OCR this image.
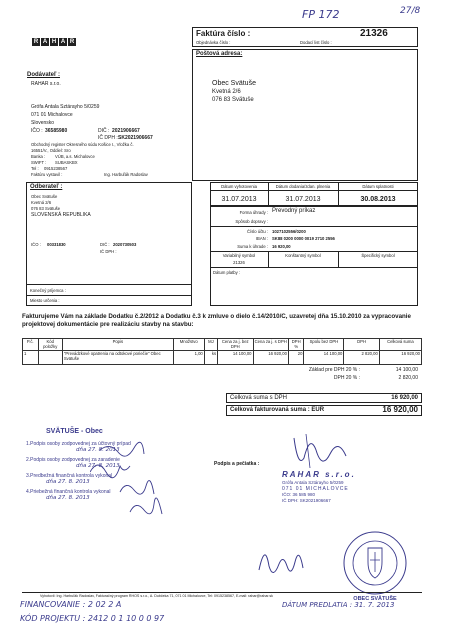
FP 172	27/8
R A H A R
Faktúra číslo :	21326
Objednávka číslo :	Dodací list číslo :
Poštová adresa:
Obec Svätuše
Kvetná 2/6
076 83 Svätuše
Dodávateľ :
RAHAR s.r.o.
Grófa Antala Sztárayho 5/0259
071 01 Michalovce
Slovensko
IČO : 36585980	DIČ : 2021906667
IČ DPH : SK2021906667
Obchodný register Okresného súdu Košice I., Vložka č.
16551/V., Oddiel: Sro
Banka : VÚB, a.s. Michalovce
SWIFT : SUBASKBX
Tel : 0915238567
Faktúru vystavil :	Ing. Harbuľák Radoslav
Odberateľ :
Obec Svätuše
Kvetná 2/6
076 83 Svätuše
SLOVENSKÁ REPUBLIKA
IČO : 00331830	DIČ : 2020730503
IČ DPH :
Konečný príjemca :
Miesto určenia :
Dátum vyhotovenia	Dátum dodania/zdan. plnenia	Dátum splatnosti
31.07.2013	31.07.2013	30.08.2013
Forma úhrady : Prevodný príkaz
Spôsob dopravy :
Číslo účtu : 1027102556/0200
IBAN : SK88 0200 0000 0019 2710 2556
Suma k úhrade : 16 920,00
Variabilný symbol	Konštantný symbol	Špecifický symbol
21326
Dátum platby :
Fakturujeme Vám na základe Dodatku č.2/2012 a Dodatku č.3 k zmluve o dielo č.14/2010/C, uzavretej dňa 15.10.2010 za vypracovanie projektovej dokumentácie pre realizáciu stavby na stavbu:
P.č.	Kód položky	Popis	Množstvo	MJ	Cena za j. bez DPH	Cena za j. s DPH	DPH %	Spolu bez DPH	DPH	Celková suma
1		"Prevádzkové opatrenia na odtokové poriečie" Obec Svätuše	1,00	ks	14 100,00	16 920,00	20	14 100,00	2 820,00	16 920,00
Základ pre DPH 20 % :	14 100,00
DPH 20 % :	2 820,00
Celková suma s DPH	16 920,00
Celková fakturovaná suma : EUR	16 920,00
SVÄTUŠE - Obec
1.Podpis osoby zodpovednej za účtovný prípad
dňa 27. 8. 2013
2.Podpis osoby zodpovednej za zaradenie
dňa 27. 8. 2013
3.Predbežná finančná kontrola vykonal
dňa 27. 8. 2013
4.Priebežná finančná kontrola vykonal
dňa 27. 8. 2013
Podpis a pečiatka :
RAHAR s.r.o.
Grófa Antala Sztárayho 5/0259
071 01 MICHALOVCE
IČO: 36 585 980
IČ DPH: SK2021906667
OBEC SVÄTUŠE
Vyhotovil: Ing. Harbuľák Radoslav, Fakturačný program RHOS s.r.o., A. Dubčeka 71, 071 01 Michalovce, Tel: 0915238567, E-mail: rahar@rahar.sk
FINANCOVANIE : 2 02 2 A
KÓD PROJEKTU : 2412 0 1 10 0 0 97
DÁTUM PREDLATIA : 31. 7. 2013
